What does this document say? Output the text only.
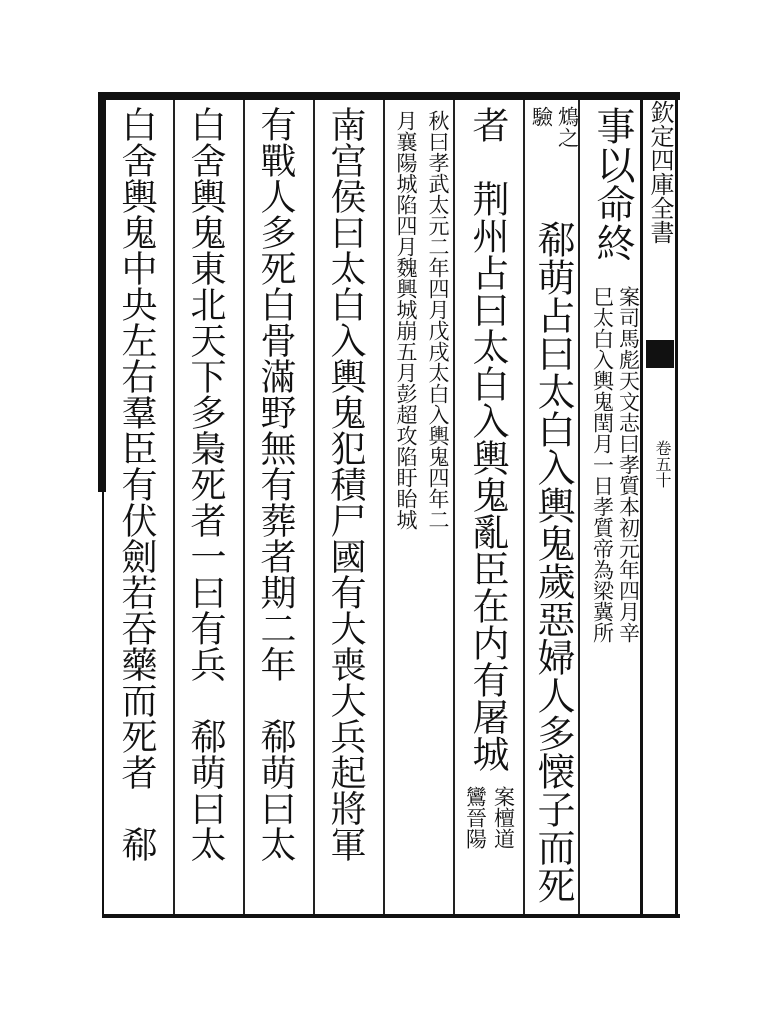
欽定四庫全書
卷五十
事以命終
案司馬彪天文志曰孝質本初元年四月辛
巳太白入輿鬼閏月一日孝質帝為梁冀所
鴆之
驗
郗萌占曰太白入輿鬼歲惡婦人多懐子而死
者　荆州占曰太白入輿鬼亂臣在内有屠城
案檀道
鸞晉陽
秋曰孝武太元二年四月戊戌太白入輿鬼四年二
月襄陽城陷四月魏興城崩五月彭超攻陷盱眙城
南宫侯曰太白入輿鬼犯積尸國有大喪大兵起將軍
有戰人多死白骨滿野無有葬者期二年　郗萌曰太
白舍輿鬼東北天下多梟死者一曰有兵　郗萌曰太
白舍輿鬼中央左右羣臣有伏劍若吞藥而死者　郗
